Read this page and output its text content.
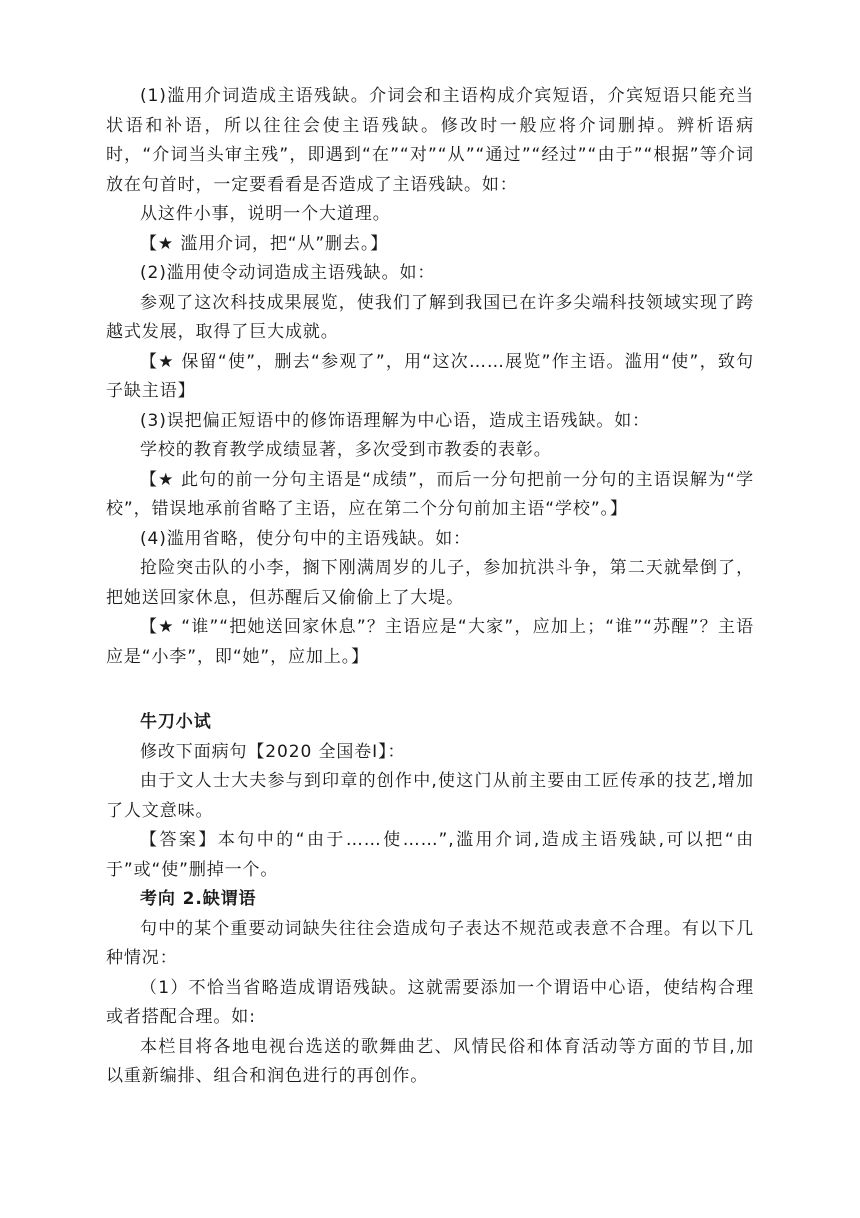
(1)滥用介词造成主语残缺。介词会和主语构成介宾短语，介宾短语只能充当状语和补语，所以往往会使主语残缺。修改时一般应将介词删掉。辨析语病时，“介词当头审主残”，即遇到“在”“对”“从”“通过”“经过”“由于”“根据”等介词放在句首时，一定要看看是否造成了主语残缺。如：

从这件小事，说明一个大道理。

【★ 滥用介词，把“从”删去。】

(2)滥用使令动词造成主语残缺。如：

参观了这次科技成果展览，使我们了解到我国已在许多尖端科技领域实现了跨越式发展，取得了巨大成就。

【★ 保留“使”，删去“参观了”，用“这次……展览”作主语。滥用“使”，致句子缺主语】

(3)误把偏正短语中的修饰语理解为中心语，造成主语残缺。如：

学校的教育教学成绩显著，多次受到市教委的表彰。

【★ 此句的前一分句主语是“成绩”，而后一分句把前一分句的主语误解为“学校”，错误地承前省略了主语，应在第二个分句前加主语“学校”。】

(4)滥用省略，使分句中的主语残缺。如：

抢险突击队的小李，搁下刚满周岁的儿子，参加抗洪斗争，第二天就晕倒了，把她送回家休息，但苏醒后又偷偷上了大堤。

【★ “谁”“把她送回家休息”？主语应是“大家”，应加上；“谁”“苏醒”？主语应是“小李”，即“她”，应加上。】

牛刀小试

修改下面病句【2020 全国卷Ⅰ】：

由于文人士大夫参与到印章的创作中,使这门从前主要由工匠传承的技艺,增加了人文意味。

【答案】本句中的“由于……使……”,滥用介词,造成主语残缺,可以把“由于”或“使”删掉一个。

考向 2.缺谓语

句中的某个重要动词缺失往往会造成句子表达不规范或表意不合理。有以下几种情况：

（1）不恰当省略造成谓语残缺。这就需要添加一个谓语中心语，使结构合理或者搭配合理。如:

本栏目将各地电视台选送的歌舞曲艺、风情民俗和体育活动等方面的节目,加以重新编排、组合和润色进行的再创作。
